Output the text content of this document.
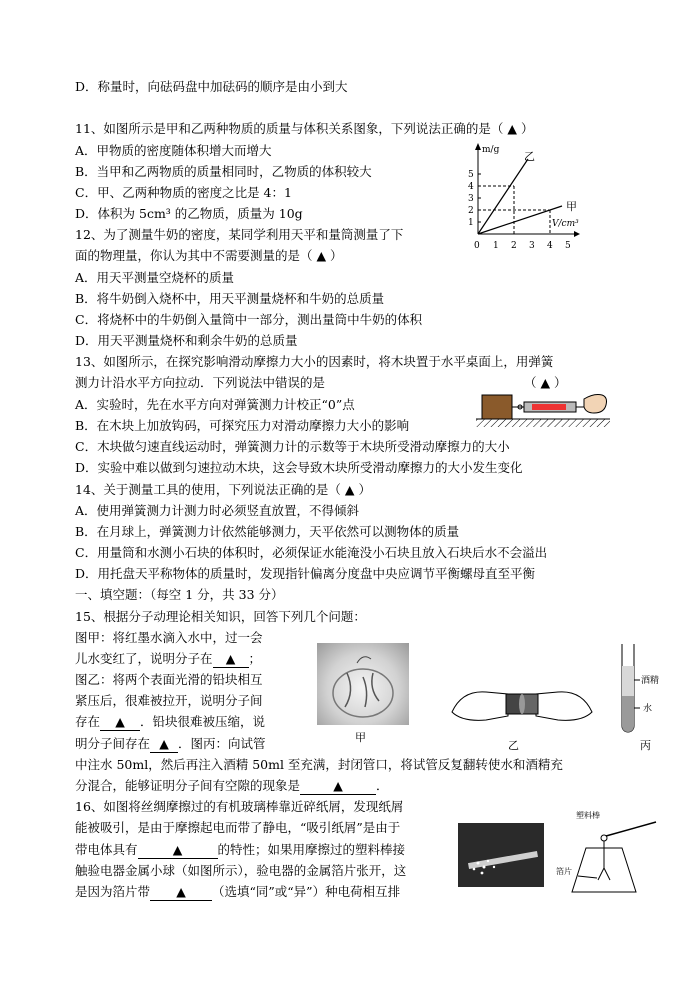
D．称量时，向砝码盘中加砝码的顺序是由小到大
11、如图所示是甲和乙两种物质的质量与体积关系图象，下列说法正确的是（ ▲ ）
A．甲物质的密度随体积增大而增大
B．当甲和乙两物质的质量相同时，乙物质的体积较大
C．甲、乙两种物质的密度之比是 4：1
D．体积为 5cm³ 的乙物质，质量为 10g
12、为了测量牛奶的密度，某同学利用天平和量筒测量了下
面的物理量，你认为其中不需要测量的是（ ▲ ）
A．用天平测量空烧杯的质量
B．将牛奶倒入烧杯中，用天平测量烧杯和牛奶的总质量
C．将烧杯中的牛奶倒入量筒中一部分，测出量筒中牛奶的体积
D．用天平测量烧杯和剩余牛奶的总质量
13、如图所示，在探究影响滑动摩擦力大小的因素时，将木块置于水平桌面上，用弹簧
测力计沿水平方向拉动．下列说法中错误的是	（ ▲ ）
A．实验时，先在水平方向对弹簧测力计校正“0”点
B．在木块上加放钩码，可探究压力对滑动摩擦力大小的影响
C．木块做匀速直线运动时，弹簧测力计的示数等于木块所受滑动摩擦力的大小
D．实验中难以做到匀速拉动木块，这会导致木块所受滑动摩擦力的大小发生变化
14、关于测量工具的使用，下列说法正确的是（ ▲ ）
A．使用弹簧测力计测力时必须竖直放置，不得倾斜
B．在月球上，弹簧测力计依然能够测力，天平依然可以测物体的质量
C．用量筒和水测小石块的体积时，必须保证水能淹没小石块且放入石块后水不会溢出
D．用托盘天平称物体的质量时，发现指针偏离分度盘中央应调节平衡螺母直至平衡
一、填空题：（每空 1 分，共 33 分）
15、根据分子动理论相关知识，回答下列几个问题：
图甲：将红墨水滴入水中，过一会
儿水变红了，说明分子在 ▲ ；
图乙：将两个表面光滑的铅块相互
紧压后，很难被拉开，说明分子间
存在 ▲ ．铅块很难被压缩，说
明分子间存在 ▲ ．图丙：向试管
中注水 50ml，然后再注入酒精 50ml 至充满，封闭管口，将试管反复翻转使水和酒精充
分混合，能够证明分子间有空隙的现象是	▲	．
16、如图将丝绸摩擦过的有机玻璃棒靠近碎纸屑，发现纸屑
能被吸引，是由于摩擦起电而带了静电，“吸引纸屑”是由于
带电体具有	▲	的特性；如果用摩擦过的塑料棒接
触验电器金属小球（如图所示），验电器的金属箔片张开，这
是因为箔片带 ▲ （选填“同”或“异”）种电荷相互排
m/g
V/cm³
1
2
3
4
5
0 1 2 3 4 5
乙
甲
甲
乙
酒精
水
丙
塑料棒
箔片
